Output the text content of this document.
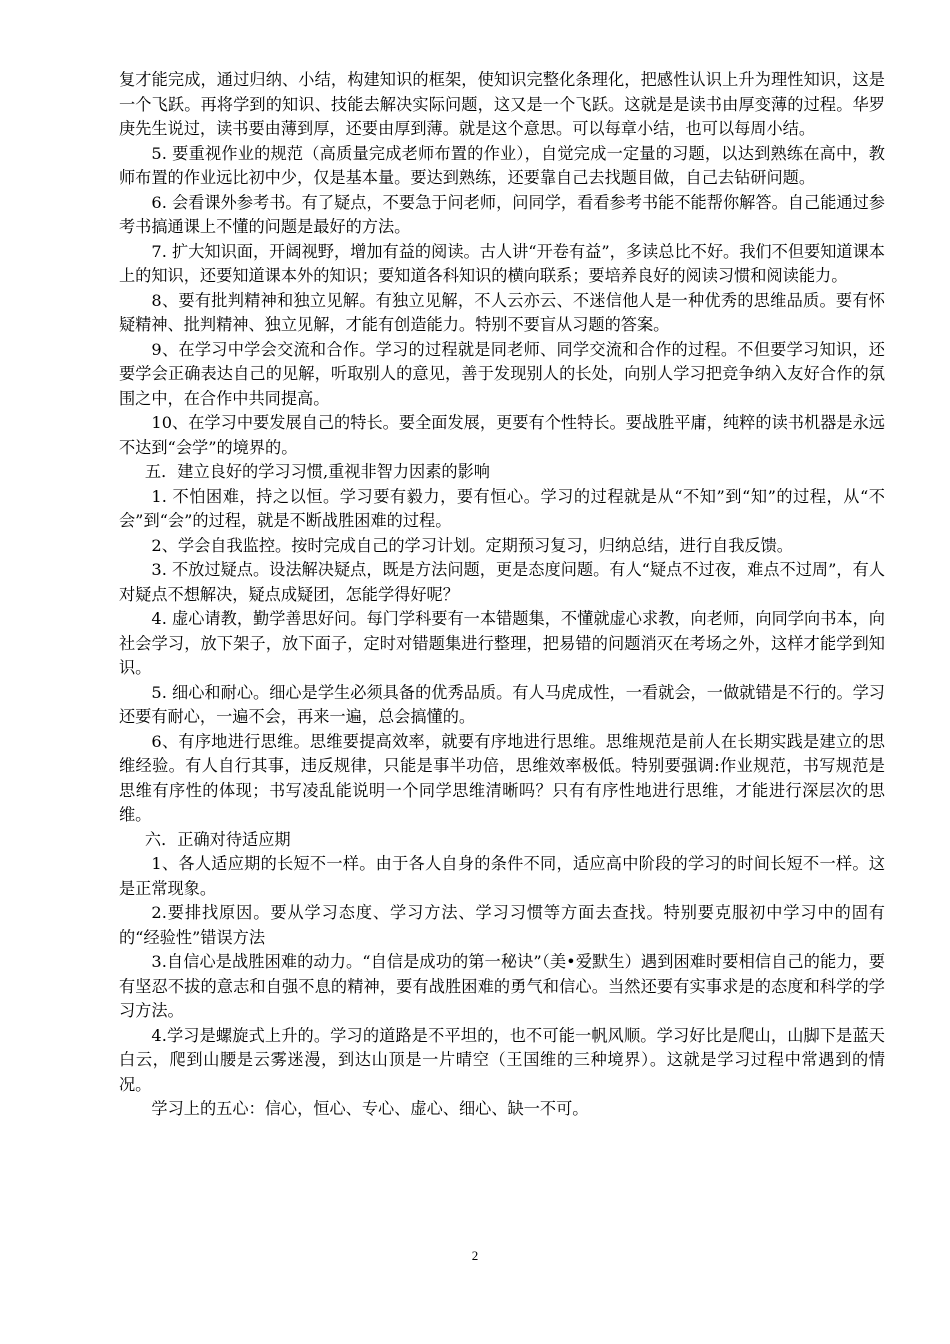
复才能完成，通过归纳、小结，构建知识的框架，使知识完整化条理化，把感性认识上升为理性知识，这是一个飞跃。再将学到的知识、技能去解决实际问题，这又是一个飞跃。这就是是读书由厚变薄的过程。华罗庚先生说过，读书要由薄到厚，还要由厚到薄。就是这个意思。可以每章小结，也可以每周小结。

5. 要重视作业的规范（高质量完成老师布置的作业），自觉完成一定量的习题，以达到熟练在高中，教师布置的作业远比初中少，仅是基本量。要达到熟练，还要靠自己去找题目做，自己去钻研问题。

6. 会看课外参考书。有了疑点，不要急于问老师，问同学，看看参考书能不能帮你解答。自己能通过参考书搞通课上不懂的问题是最好的方法。

7. 扩大知识面，开阔视野，增加有益的阅读。古人讲“开卷有益”，多读总比不好。我们不但要知道课本上的知识，还要知道课本外的知识；要知道各科知识的横向联系；要培养良好的阅读习惯和阅读能力。

8、要有批判精神和独立见解。有独立见解，不人云亦云、不迷信他人是一种优秀的思维品质。要有怀疑精神、批判精神、独立见解，才能有创造能力。特别不要盲从习题的答案。

9、在学习中学会交流和合作。学习的过程就是同老师、同学交流和合作的过程。不但要学习知识，还要学会正确表达自己的见解，听取别人的意见，善于发现别人的长处，向别人学习把竞争纳入友好合作的氛围之中，在合作中共同提高。

10、在学习中要发展自己的特长。要全面发展，更要有个性特长。要战胜平庸，纯粹的读书机器是永远不达到“会学”的境界的。

五．建立良好的学习习惯,重视非智力因素的影响

1. 不怕困难，持之以恒。学习要有毅力，要有恒心。学习的过程就是从“不知”到“知”的过程，从“不会”到“会”的过程，就是不断战胜困难的过程。

2、学会自我监控。按时完成自己的学习计划。定期预习复习，归纳总结，进行自我反馈。

3. 不放过疑点。设法解决疑点，既是方法问题，更是态度问题。有人“疑点不过夜，难点不过周”，有人对疑点不想解决，疑点成疑团，怎能学得好呢？

4. 虚心请教，勤学善思好问。每门学科要有一本错题集，不懂就虚心求教，向老师，向同学向书本，向社会学习，放下架子，放下面子，定时对错题集进行整理，把易错的问题消灭在考场之外，这样才能学到知识。

5. 细心和耐心。细心是学生必须具备的优秀品质。有人马虎成性，一看就会，一做就错是不行的。学习还要有耐心，一遍不会，再来一遍，总会搞懂的。

6、有序地进行思维。思维要提高效率，就要有序地进行思维。思维规范是前人在长期实践是建立的思维经验。有人自行其事，违反规律，只能是事半功倍，思维效率极低。特别要强调:作业规范，书写规范是思维有序性的体现；书写凌乱能说明一个同学思维清晰吗？只有有序性地进行思维，才能进行深层次的思维。

六．正确对待适应期

1、各人适应期的长短不一样。由于各人自身的条件不同，适应高中阶段的学习的时间长短不一样。这是正常现象。

2.要排找原因。要从学习态度、学习方法、学习习惯等方面去查找。特别要克服初中学习中的固有的“经验性”错误方法

3.自信心是战胜困难的动力。“自信是成功的第一秘诀”（美•爱默生）遇到困难时要相信自己的能力，要有坚忍不拔的意志和自强不息的精神，要有战胜困难的勇气和信心。当然还要有实事求是的态度和科学的学习方法。

4.学习是螺旋式上升的。学习的道路是不平坦的，也不可能一帆风顺。学习好比是爬山，山脚下是蓝天白云，爬到山腰是云雾迷漫，到达山顶是一片晴空（王国维的三种境界）。这就是学习过程中常遇到的情况。

学习上的五心：信心，恒心、专心、虚心、细心、缺一不可。

2
